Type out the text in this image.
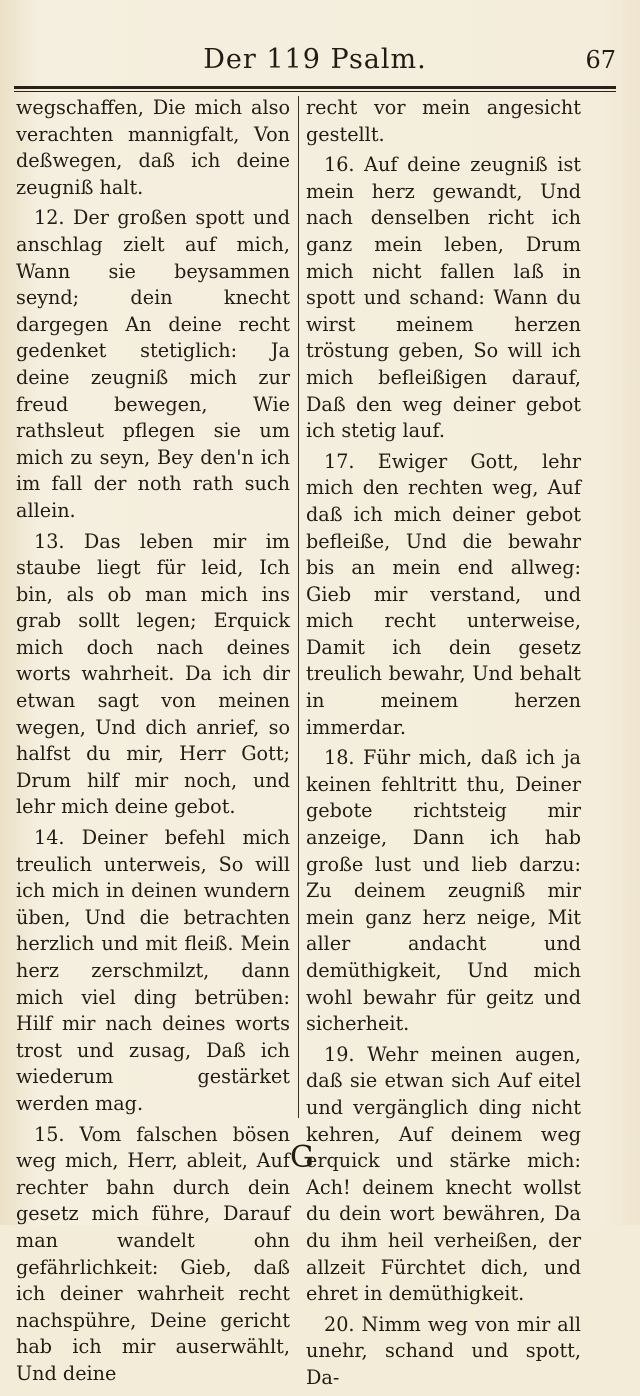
Der 119 Psalm.	67

wegschaffen, Die mich also verachten mannigfalt, Von deßwegen, daß ich deine zeugniß halt.

12. Der großen spott und anschlag zielt auf mich, Wann sie beysammen seynd; dein knecht dargegen An deine recht gedenket stetiglich: Ja deine zeugniß mich zur freud bewegen, Wie rathsleut pflegen sie um mich zu seyn, Bey den'n ich im fall der noth rath such allein.

13. Das leben mir im staube liegt für leid, Ich bin, als ob man mich ins grab sollt legen; Erquick mich doch nach deines worts wahrheit. Da ich dir etwan sagt von meinen wegen, Und dich anrief, so halfst du mir, Herr Gott; Drum hilf mir noch, und lehr mich deine gebot.

14. Deiner befehl mich treulich unterweis, So will ich mich in deinen wundern üben, Und die betrachten herzlich und mit fleiß. Mein herz zerschmilzt, dann mich viel ding betrüben: Hilf mir nach deines worts trost und zusag, Daß ich wiederum gestärket werden mag.

15. Vom falschen bösen weg mich, Herr, ableit, Auf rechter bahn durch dein gesetz mich führe, Darauf man wandelt ohn gefährlichkeit: Gieb, daß ich deiner wahrheit recht nachspühre, Deine gericht hab ich mir auserwählt, Und deine

recht vor mein angesicht gestellt.

16. Auf deine zeugniß ist mein herz gewandt, Und nach denselben richt ich ganz mein leben, Drum mich nicht fallen laß in spott und schand: Wann du wirst meinem herzen tröstung geben, So will ich mich befleißigen darauf, Daß den weg deiner gebot ich stetig lauf.

17. Ewiger Gott, lehr mich den rechten weg, Auf daß ich mich deiner gebot befleiße, Und die bewahr bis an mein end allweg: Gieb mir verstand, und mich recht unterweise, Damit ich dein gesetz treulich bewahr, Und behalt in meinem herzen immerdar.

18. Führ mich, daß ich ja keinen fehltritt thu, Deiner gebote richtsteig mir anzeige, Dann ich hab große lust und lieb darzu: Zu deinem zeugniß mir mein ganz herz neige, Mit aller andacht und demüthigkeit, Und mich wohl bewahr für geitz und sicherheit.

19. Wehr meinen augen, daß sie etwan sich Auf eitel und vergänglich ding nicht kehren, Auf deinem weg erquick und stärke mich: Ach! deinem knecht wollst du dein wort bewähren, Da du ihm heil verheißen, der allzeit Fürchtet dich, und ehret in demüthigkeit.

20. Nimm weg von mir all unehr, schand und spott, Da-

G
